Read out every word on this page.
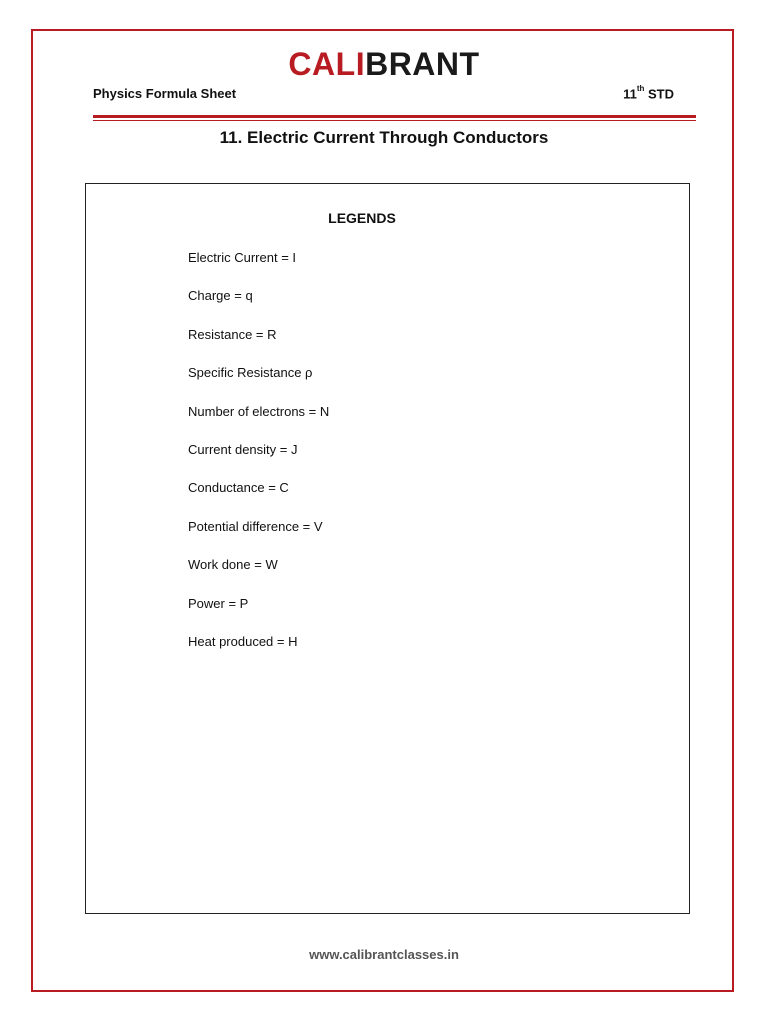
CALIBRANT
Physics Formula Sheet	11th STD
11. Electric Current Through Conductors
LEGENDS
Electric Current = I
Charge = q
Resistance = R
Specific Resistance ρ
Number of electrons = N
Current density = J
Conductance = C
Potential difference = V
Work done = W
Power = P
Heat produced = H
www.calibrantclasses.in
